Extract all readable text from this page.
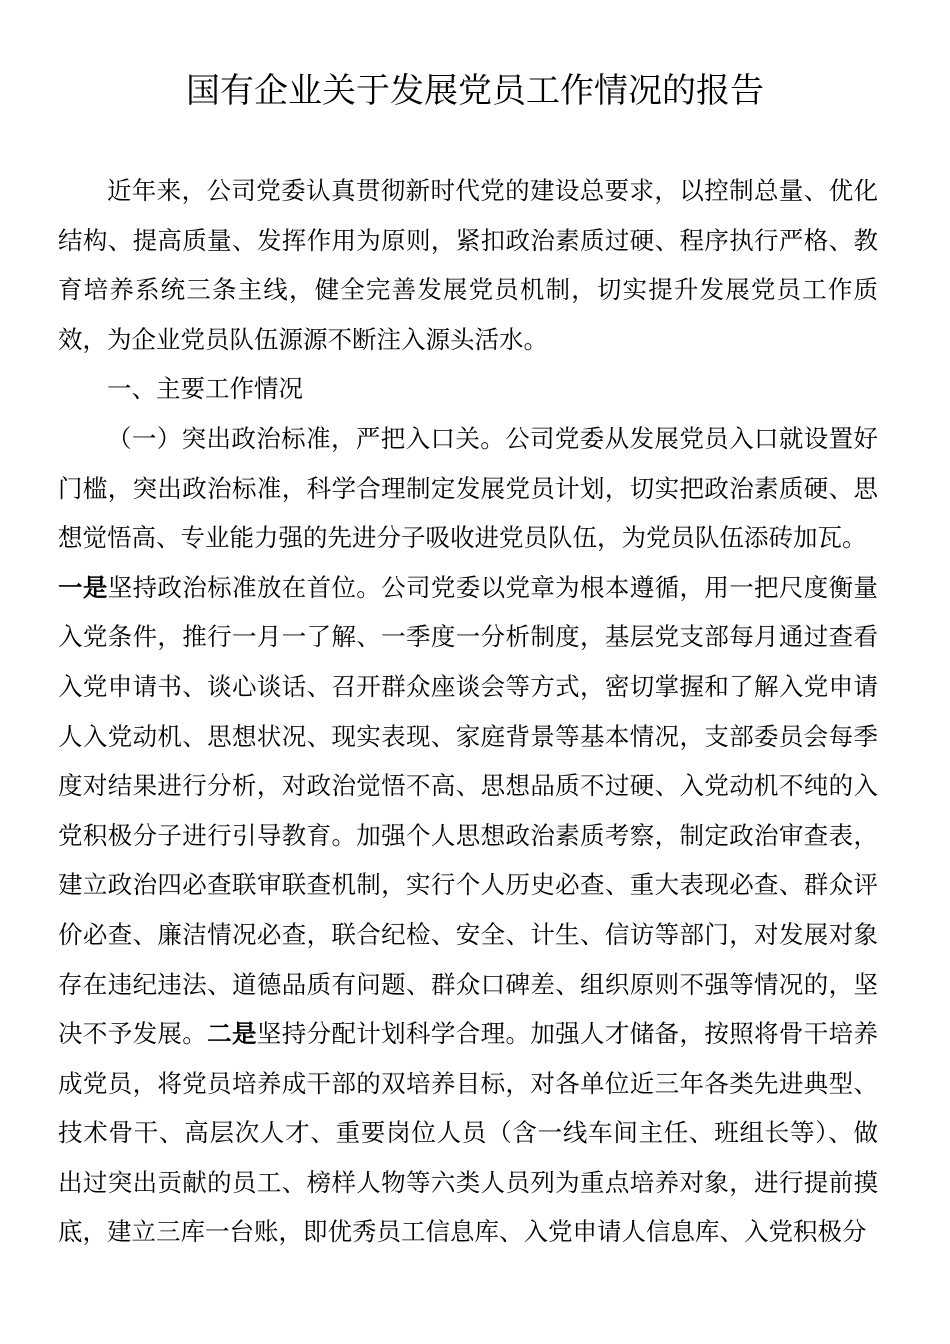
国有企业关于发展党员工作情况的报告

近年来，公司党委认真贯彻新时代党的建设总要求，以控制总量、优化结构、提高质量、发挥作用为原则，紧扣政治素质过硬、程序执行严格、教育培养系统三条主线，健全完善发展党员机制，切实提升发展党员工作质效，为企业党员队伍源源不断注入源头活水。

一、主要工作情况

（一）突出政治标准，严把入口关。公司党委从发展党员入口就设置好门槛，突出政治标准，科学合理制定发展党员计划，切实把政治素质硬、思想觉悟高、专业能力强的先进分子吸收进党员队伍，为党员队伍添砖加瓦。

一是坚持政治标准放在首位。公司党委以党章为根本遵循，用一把尺度衡量入党条件，推行一月一了解、一季度一分析制度，基层党支部每月通过查看入党申请书、谈心谈话、召开群众座谈会等方式，密切掌握和了解入党申请人入党动机、思想状况、现实表现、家庭背景等基本情况，支部委员会每季度对结果进行分析，对政治觉悟不高、思想品质不过硬、入党动机不纯的入党积极分子进行引导教育。加强个人思想政治素质考察，制定政治审查表，建立政治四必查联审联查机制，实行个人历史必查、重大表现必查、群众评价必查、廉洁情况必查，联合纪检、安全、计生、信访等部门，对发展对象存在违纪违法、道德品质有问题、群众口碑差、组织原则不强等情况的，坚决不予发展。二是坚持分配计划科学合理。加强人才储备，按照将骨干培养成党员，将党员培养成干部的双培养目标，对各单位近三年各类先进典型、技术骨干、高层次人才、重要岗位人员（含一线车间主任、班组长等）、做出过突出贡献的员工、榜样人物等六类人员列为重点培养对象，进行提前摸底，建立三库一台账，即优秀员工信息库、入党申请人信息库、入党积极分
